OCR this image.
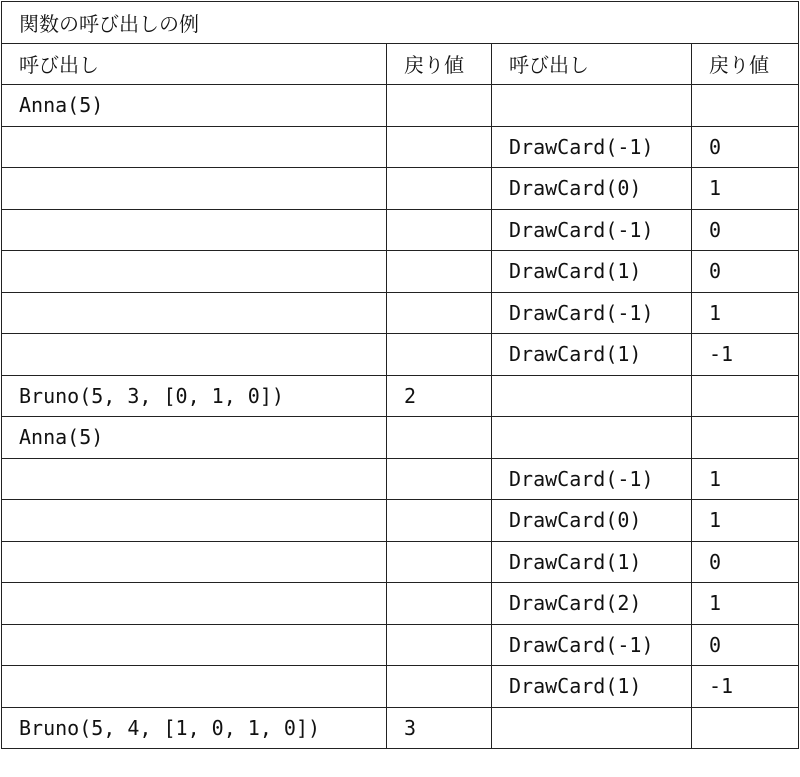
関数の呼び出しの例			
呼び出し	戻り値	呼び出し	戻り値
Anna(5)			
		DrawCard(-1)	0
		DrawCard(0)	1
		DrawCard(-1)	0
		DrawCard(1)	0
		DrawCard(-1)	1
		DrawCard(1)	-1
Bruno(5, 3, [0, 1, 0])	2		
Anna(5)			
		DrawCard(-1)	1
		DrawCard(0)	1
		DrawCard(1)	0
		DrawCard(2)	1
		DrawCard(-1)	0
		DrawCard(1)	-1
Bruno(5, 4, [1, 0, 1, 0])	3		
